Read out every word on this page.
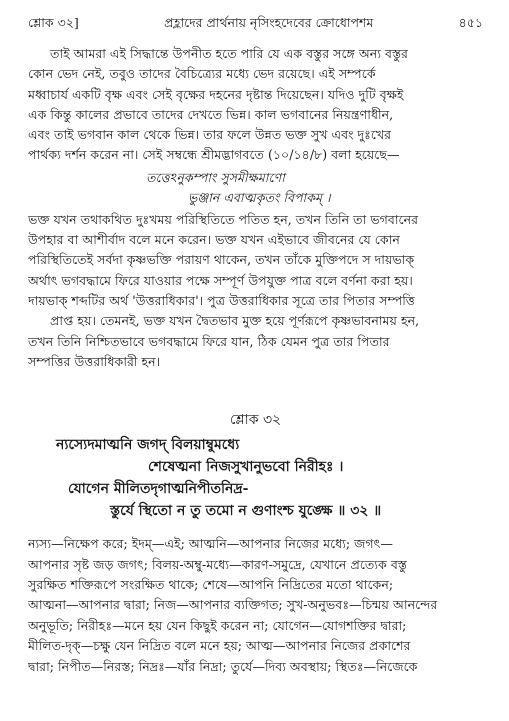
শ্লোক ৩২]	প্রহ্লাদের প্রার্থনায় নৃসিংহদেবের ক্রোধোপশম	৪৫১
তাই আমরা এই সিদ্ধান্তে উপনীত হতে পারি যে এক বস্তুর সঙ্গে অন্য বস্তুর
কোন ভেদ নেই, তবুও তাদের বৈচিত্র্যের মধ্যে ভেদ রয়েছে। এই সম্পর্কে
মধ্বাচার্য একটি বৃক্ষ এবং সেই বৃক্ষের দহনের দৃষ্টান্ত দিয়েছেন। যদিও দুটি বৃক্ষই
এক কিন্তু কালের প্রভাবে তাদের দেখতে ভিন্ন। কাল ভগবানের নিয়ন্ত্রণাধীন,
এবং তাই ভগবান কাল থেকে ভিন্ন। তার ফলে উন্নত ভক্ত সুখ এবং দুঃখের
পার্থক্য দর্শন করেন না। সেই সম্বন্ধে শ্রীমদ্ভাগবতে (১০/১৪/৮) বলা হয়েছে—
তত্তেঽনুকম্পাং সুসমীক্ষমাণো
ভুঞ্জান এবাত্মকৃতং বিপাকম্ ।
ভক্ত যখন তথাকথিত দুঃখময় পরিস্থিতিতে পতিত হন, তখন তিনি তা ভগবানের
উপহার বা আশীর্বাদ বলে মনে করেন। ভক্ত যখন এইভাবে জীবনের যে কোন
পরিস্থিতিতেই সর্বদা কৃষ্ণভক্তি পরায়ণ থাকেন, তখন তাঁকে মুক্তিপদে স দায়ভাক্
অর্থাৎ ভগবদ্ধামে ফিরে যাওয়ার পক্ষে সম্পূর্ণ উপযুক্ত পাত্র বলে বর্ণনা করা হয়।
দায়ভাক্ শব্দটির অর্থ 'উত্তরাধিকার'। পুত্র উত্তরাধিকার সূত্রে তার পিতার সম্পত্তি
প্রাপ্ত হয়। তেমনই, ভক্ত যখন দ্বৈতভাব মুক্ত হয়ে পূর্ণরূপে কৃষ্ণভাবনাময় হন,
তখন তিনি নিশ্চিতভাবে ভগবদ্ধামে ফিরে যান, ঠিক যেমন পুত্র তার পিতার
সম্পত্তির উত্তরাধিকারী হন।
শ্লোক ৩২
ন্যস্যেদমাত্মনি জগদ্ বিলয়াম্বুমধ্যে
শেষেত্মনা নিজসুখানুভবো নিরীহঃ ।
যোগেন মীলিতদৃগাত্মনিপীতনিদ্র-
স্তুর্যে স্থিতো ন তু তমো ন গুণাংশ্চ যুঙ্ক্ষে ॥ ৩২ ॥
ন্যস্য—নিক্ষেপ করে; ইদম্—এই; আত্মনি—আপনার নিজের মধ্যে; জগৎ—
আপনার সৃষ্ট জড় জগৎ; বিলয়-অম্বু-মধ্যে—কারণ-সমুদ্রে, যেখানে প্রত্যেক বস্তু
সুরক্ষিত শক্তিরূপে সংরক্ষিত থাকে; শেষে—আপনি নিদ্রিতের মতো থাকেন;
আত্মনা—আপনার দ্বারা; নিজ—আপনার ব্যক্তিগত; সুখ-অনুভবঃ—চিন্ময় আনন্দের
অনুভূতি; নিরীহঃ—মনে হয় যেন কিছুই করেন না; যোগেন—যোগশক্তির দ্বারা;
মীলিত-দৃক্—চক্ষু যেন নিদ্রিত বলে মনে হয়; আত্ম—আপনার নিজের প্রকাশের
দ্বারা; নিপীত—নিরস্ত; নিদ্রঃ—যাঁর নিদ্রা; তুর্যে—দিব্য অবস্থায়; স্থিতঃ—নিজেকে
